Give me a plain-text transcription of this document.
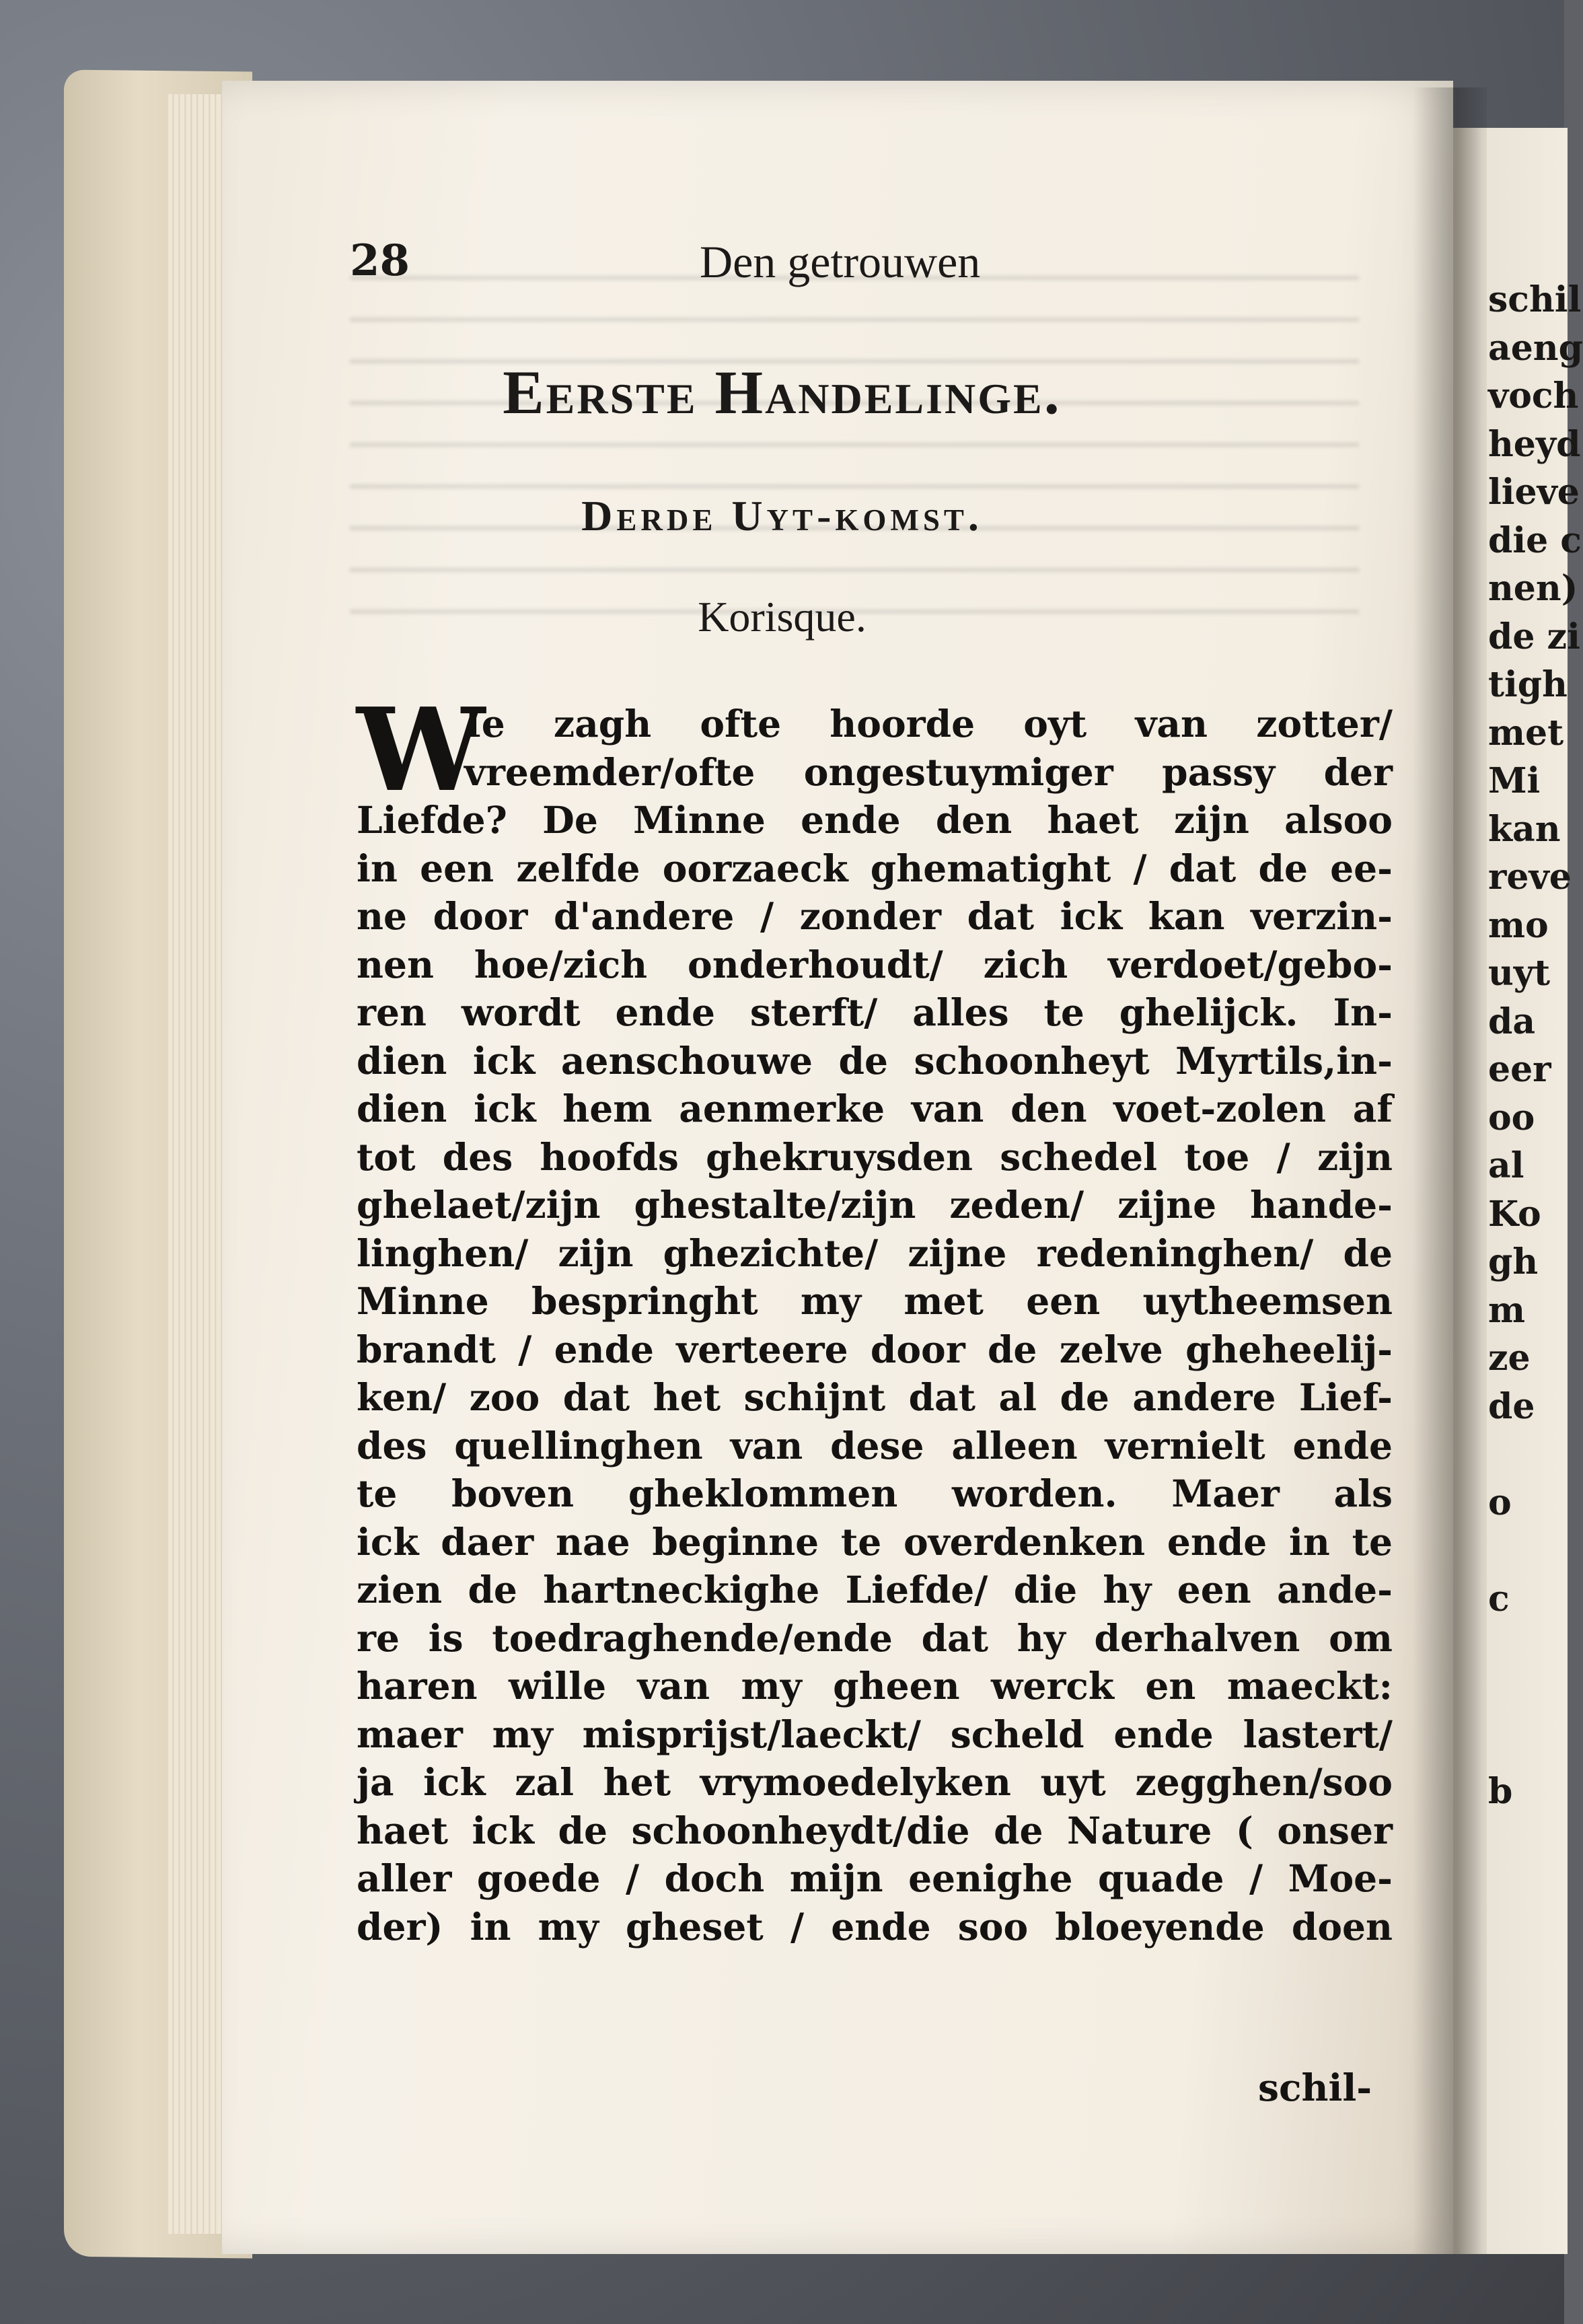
28	Den getrouwen
Eerste Handelinge.
Derde Uyt-komst.
Korisque.
W
Ie zagh ofte hoorde oyt van zotter/
vreemder/ofte ongestuymiger passy der
Liefde? De Minne ende den haet zijn alsoo
in een zelfde oorzaeck ghematight / dat de ee-
ne door d'andere / zonder dat ick kan verzin-
nen hoe/zich onderhoudt/ zich verdoet/gebo-
ren wordt ende sterft/ alles te ghelijck. In-
dien ick aenschouwe de schoonheyt Myrtils,in-
dien ick hem aenmerke van den voet-zolen af
tot des hoofds ghekruysden schedel toe / zijn
ghelaet/zijn ghestalte/zijn zeden/ zijne hande-
linghen/ zijn ghezichte/ zijne redeninghen/ de
Minne bespringht my met een uytheemsen
brandt / ende verteere door de zelve gheheelij-
ken/ zoo dat het schijnt dat al de andere Lief-
des quellinghen van dese alleen vernielt ende
te boven gheklommen worden. Maer als
ick daer nae beginne te overdenken ende in te
zien de hartneckighe Liefde/ die hy een ande-
re is toedraghende/ende dat hy derhalven om
haren wille van my gheen werck en maeckt:
maer my misprijst/laeckt/ scheld ende lastert/
ja ick zal het vrymoedelyken uyt zegghen/soo
haet ick de schoonheydt/die de Nature ( onser
aller goede / doch mijn eenighe quade / Moe-
der) in my gheset / ende soo bloeyende doen
schil-
schil
aeng
voch
heyd
lieve
die c
nen)
de zi
tigh
met
Mi
kan
reve
mo
uyt
da
eer
oo
al
Ko
gh
m
ze
de
o
c
b
